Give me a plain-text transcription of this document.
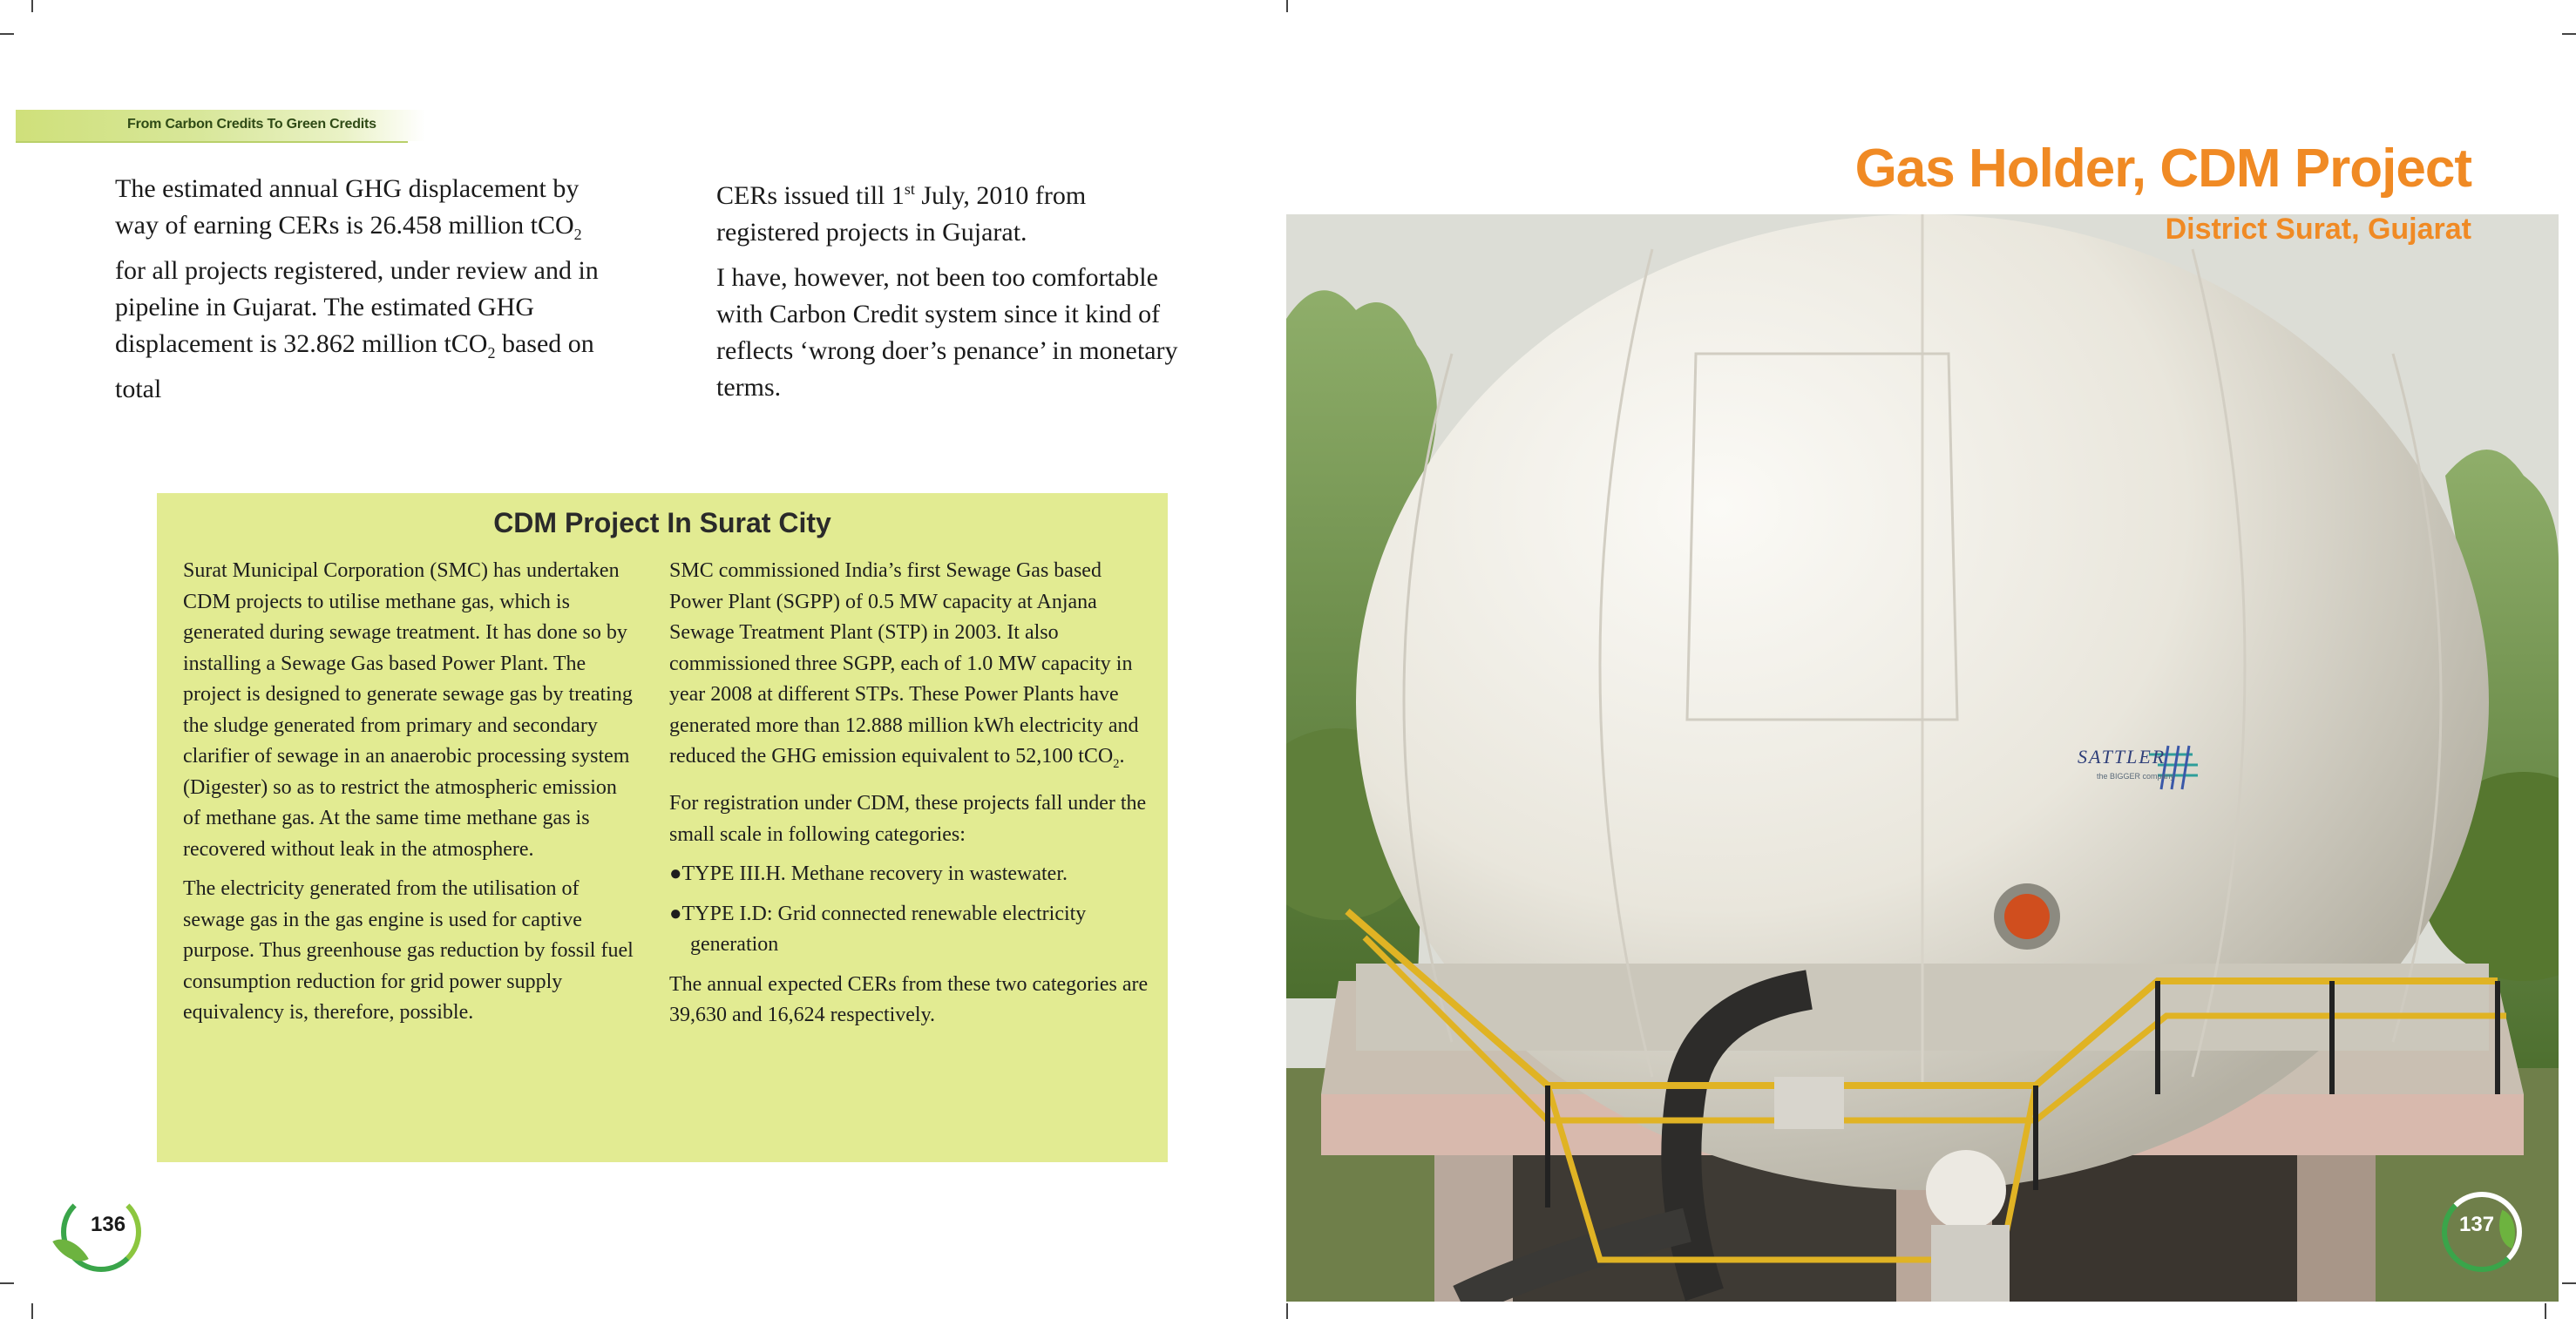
From Carbon Credits To Green Credits

The estimated annual GHG displacement by way of earning CERs is 26.458 million tCO$_2$ for all projects registered, under review and in pipeline in Gujarat. The estimated GHG displacement is 32.862 million tCO$_2$ based on total

CERs issued till 1st July, 2010 from registered projects in Gujarat.

I have, however, not been too comfortable with Carbon Credit system since it kind of reflects ‘wrong doer’s penance’ in monetary terms.

CDM Project In Surat City

Surat Municipal Corporation (SMC) has undertaken CDM projects to utilise methane gas, which is generated during sewage treatment. It has done so by installing a Sewage Gas based Power Plant. The project is designed to generate sewage gas by treating the sludge generated from primary and secondary clarifier of sewage in an anaerobic processing system (Digester) so as to restrict the atmospheric emission of methane gas. At the same time methane gas is recovered without leak in the atmosphere.

The electricity generated from the utilisation of sewage gas in the gas engine is used for captive purpose. Thus greenhouse gas reduction by fossil fuel consumption reduction for grid power supply equivalency is, therefore, possible.

SMC commissioned India’s first Sewage Gas based Power Plant (SGPP) of 0.5 MW capacity at Anjana Sewage Treatment Plant (STP) in 2003. It also commissioned three SGPP, each of 1.0 MW capacity in year 2008 at different STPs. These Power Plants have generated more than 12.888 million kWh electricity and reduced the GHG emission equivalent to 52,100 tCO$_2$.

For registration under CDM, these projects fall under the small scale in following categories:

●TYPE III.H. Methane recovery in wastewater.

●TYPE I.D: Grid connected renewable electricity generation

The annual expected CERs from these two categories are 39,630 and 16,624 respectively.

136
SATTLER
the BIGGER company
Gas Holder, CDM Project
District Surat, Gujarat
137
